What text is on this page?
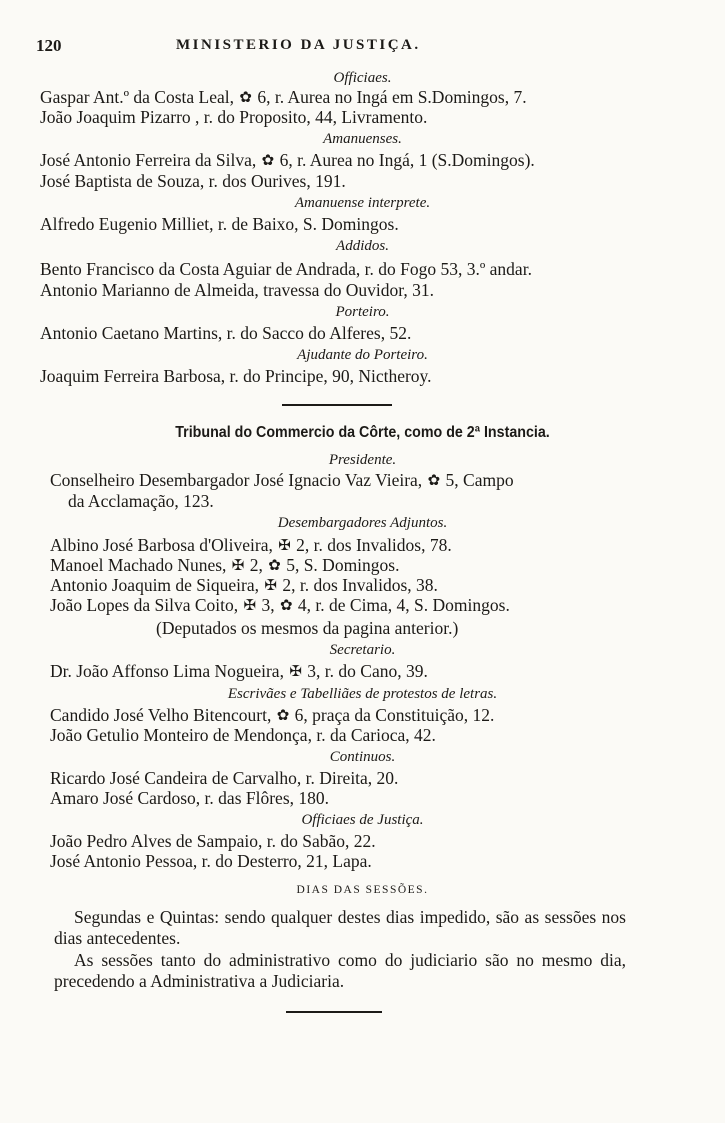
120	MINISTERIO DA JUSTIÇA.
Officiaes.
Gaspar Ant.º da Costa Leal, ✿ 6, r. Aurea no Ingá em S.Domingos, 7.
João Joaquim Pizarro , r. do Proposito, 44, Livramento.
Amanuenses.
José Antonio Ferreira da Silva, ✿ 6, r. Aurea no Ingá, 1 (S.Domingos).
José Baptista de Souza, r. dos Ourives, 191.
Amanuense interprete.
Alfredo Eugenio Milliet, r. de Baixo, S. Domingos.
Addidos.
Bento Francisco da Costa Aguiar de Andrada, r. do Fogo 53, 3.º andar.
Antonio Marianno de Almeida, travessa do Ouvidor, 31.
Porteiro.
Antonio Caetano Martins, r. do Sacco do Alferes, 52.
Ajudante do Porteiro.
Joaquim Ferreira Barbosa, r. do Principe, 90, Nictheroy.
Tribunal do Commercio da Côrte, como de 2ª Instancia.
Presidente.
Conselheiro Desembargador José Ignacio Vaz Vieira, ✿ 5, Campo
da Acclamação, 123.
Desembargadores Adjuntos.
Albino José Barbosa d'Oliveira, ✠ 2, r. dos Invalidos, 78.
Manoel Machado Nunes, ✠ 2, ✿ 5, S. Domingos.
Antonio Joaquim de Siqueira, ✠ 2, r. dos Invalidos, 38.
João Lopes da Silva Coito, ✠ 3, ✿ 4, r. de Cima, 4, S. Domingos.
(Deputados os mesmos da pagina anterior.)
Secretario.
Dr. João Affonso Lima Nogueira, ✠ 3, r. do Cano, 39.
Escrivães e Tabelliães de protestos de letras.
Candido José Velho Bitencourt, ✿ 6, praça da Constituição, 12.
João Getulio Monteiro de Mendonça, r. da Carioca, 42.
Continuos.
Ricardo José Candeira de Carvalho, r. Direita, 20.
Amaro José Cardoso, r. das Flôres, 180.
Officiaes de Justiça.
João Pedro Alves de Sampaio, r. do Sabão, 22.
José Antonio Pessoa, r. do Desterro, 21, Lapa.
DIAS DAS SESSÕES.
Segundas e Quintas: sendo qualquer destes dias impedido, são as sessões nos dias antecedentes.
As sessões tanto do administrativo como do judiciario são no mesmo dia, precedendo a Administrativa a Judiciaria.
